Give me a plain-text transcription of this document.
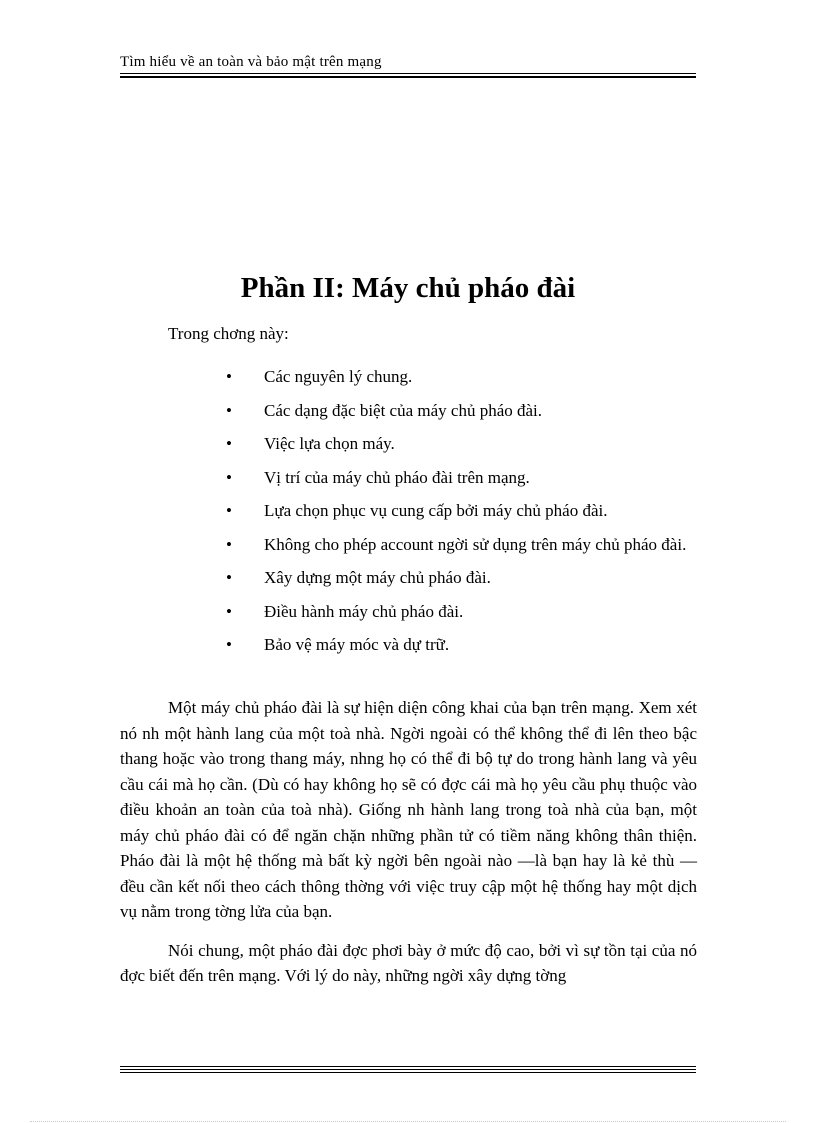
Tìm hiểu về an toàn và bảo mật trên mạng
Phần II: Máy chủ pháo đài
Trong chơng này:
• Các nguyên lý chung.
• Các dạng đặc biệt của máy chủ pháo đài.
• Việc lựa chọn máy.
• Vị trí của máy chủ pháo đài trên mạng.
• Lựa chọn phục vụ cung cấp bởi máy chủ pháo đài.
• Không cho phép account ngời sử dụng trên máy chủ pháo đài.
• Xây dựng một máy chủ pháo đài.
• Điều hành máy chủ pháo đài.
• Bảo vệ máy móc và dự trữ.

Một máy chủ pháo đài là sự hiện diện công khai của bạn trên mạng. Xem xét nó nh một hành lang của một toà nhà. Ngời ngoài có thể không thể đi lên theo bậc thang hoặc vào trong thang máy, nhng họ có thể đi bộ tự do trong hành lang và yêu cầu cái mà họ cần. (Dù có hay không họ sẽ có đợc cái mà họ yêu cầu phụ thuộc vào điều khoản an toàn của toà nhà). Giống nh hành lang trong toà nhà của bạn, một máy chủ pháo đài có để ngăn chặn những phần tử có tiềm năng không thân thiện. Pháo đài là một hệ thống mà bất kỳ ngời bên ngoài nào —là bạn hay là kẻ thù — đều cần kết nối theo cách thông thờng với việc truy cập một hệ thống hay một dịch vụ nằm trong tờng lửa của bạn.

Nói chung, một pháo đài đợc phơi bày ở mức độ cao, bởi vì sự tồn tại của nó đợc biết đến trên mạng. Với lý do này, những ngời xây dựng tờng
